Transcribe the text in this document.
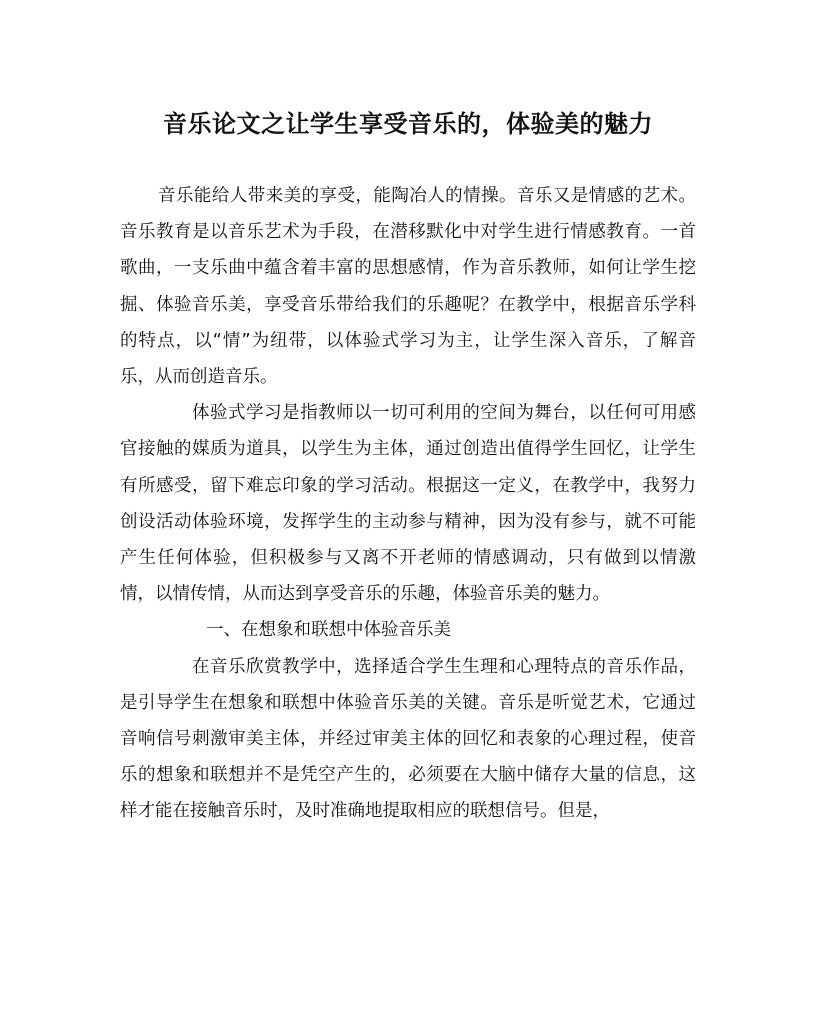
音乐论文之让学生享受音乐的，体验美的魅力

音乐能给人带来美的享受，能陶冶人的情操。音乐又是情感的艺术。音乐教育是以音乐艺术为手段，在潜移默化中对学生进行情感教育。一首歌曲，一支乐曲中蕴含着丰富的思想感情，作为音乐教师，如何让学生挖掘、体验音乐美，享受音乐带给我们的乐趣呢？在教学中，根据音乐学科的特点，以“情”为纽带，以体验式学习为主，让学生深入音乐，了解音乐，从而创造音乐。

体验式学习是指教师以一切可利用的空间为舞台，以任何可用感官接触的媒质为道具，以学生为主体，通过创造出值得学生回忆，让学生有所感受，留下难忘印象的学习活动。根据这一定义，在教学中，我努力创设活动体验环境，发挥学生的主动参与精神，因为没有参与，就不可能产生任何体验，但积极参与又离不开老师的情感调动，只有做到以情激情，以情传情，从而达到享受音乐的乐趣，体验音乐美的魅力。

一、在想象和联想中体验音乐美

在音乐欣赏教学中，选择适合学生生理和心理特点的音乐作品，是引导学生在想象和联想中体验音乐美的关键。音乐是听觉艺术，它通过音响信号刺激审美主体，并经过审美主体的回忆和表象的心理过程，使音乐的想象和联想并不是凭空产生的，必须要在大脑中储存大量的信息，这样才能在接触音乐时，及时准确地提取相应的联想信号。但是，
